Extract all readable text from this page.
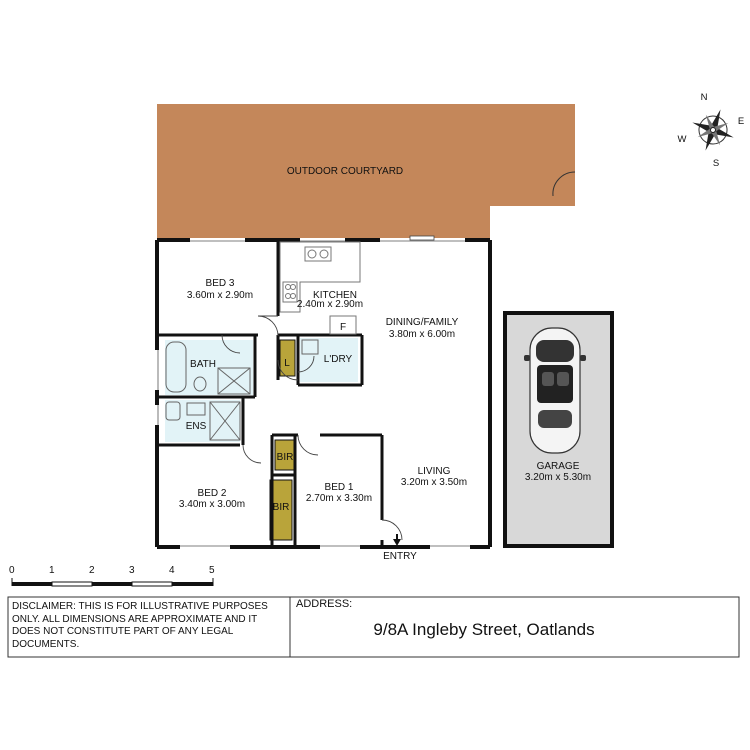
OUTDOOR COURTYARD
BED 3
3.60m x 2.90m	KITCHEN
2.40m x 2.90m
DINING/FAMILY
3.80m x 6.00m
F
BATH	L	L'DRY
ENS
BIR
BIR
BED 2
3.40m x 3.00m
BED 1
2.70m x 3.30m
LIVING
3.20m x 3.50m
GARAGE
3.20m x 5.30m
ENTRY
N
E
S
W
0	1	2	3	4	5
DISCLAIMER: THIS IS FOR ILLUSTRATIVE PURPOSES ONLY. ALL DIMENSIONS ARE APPROXIMATE AND IT DOES NOT CONSTITUTE PART OF ANY LEGAL DOCUMENTS.
ADDRESS:
9/8A Ingleby Street, Oatlands
